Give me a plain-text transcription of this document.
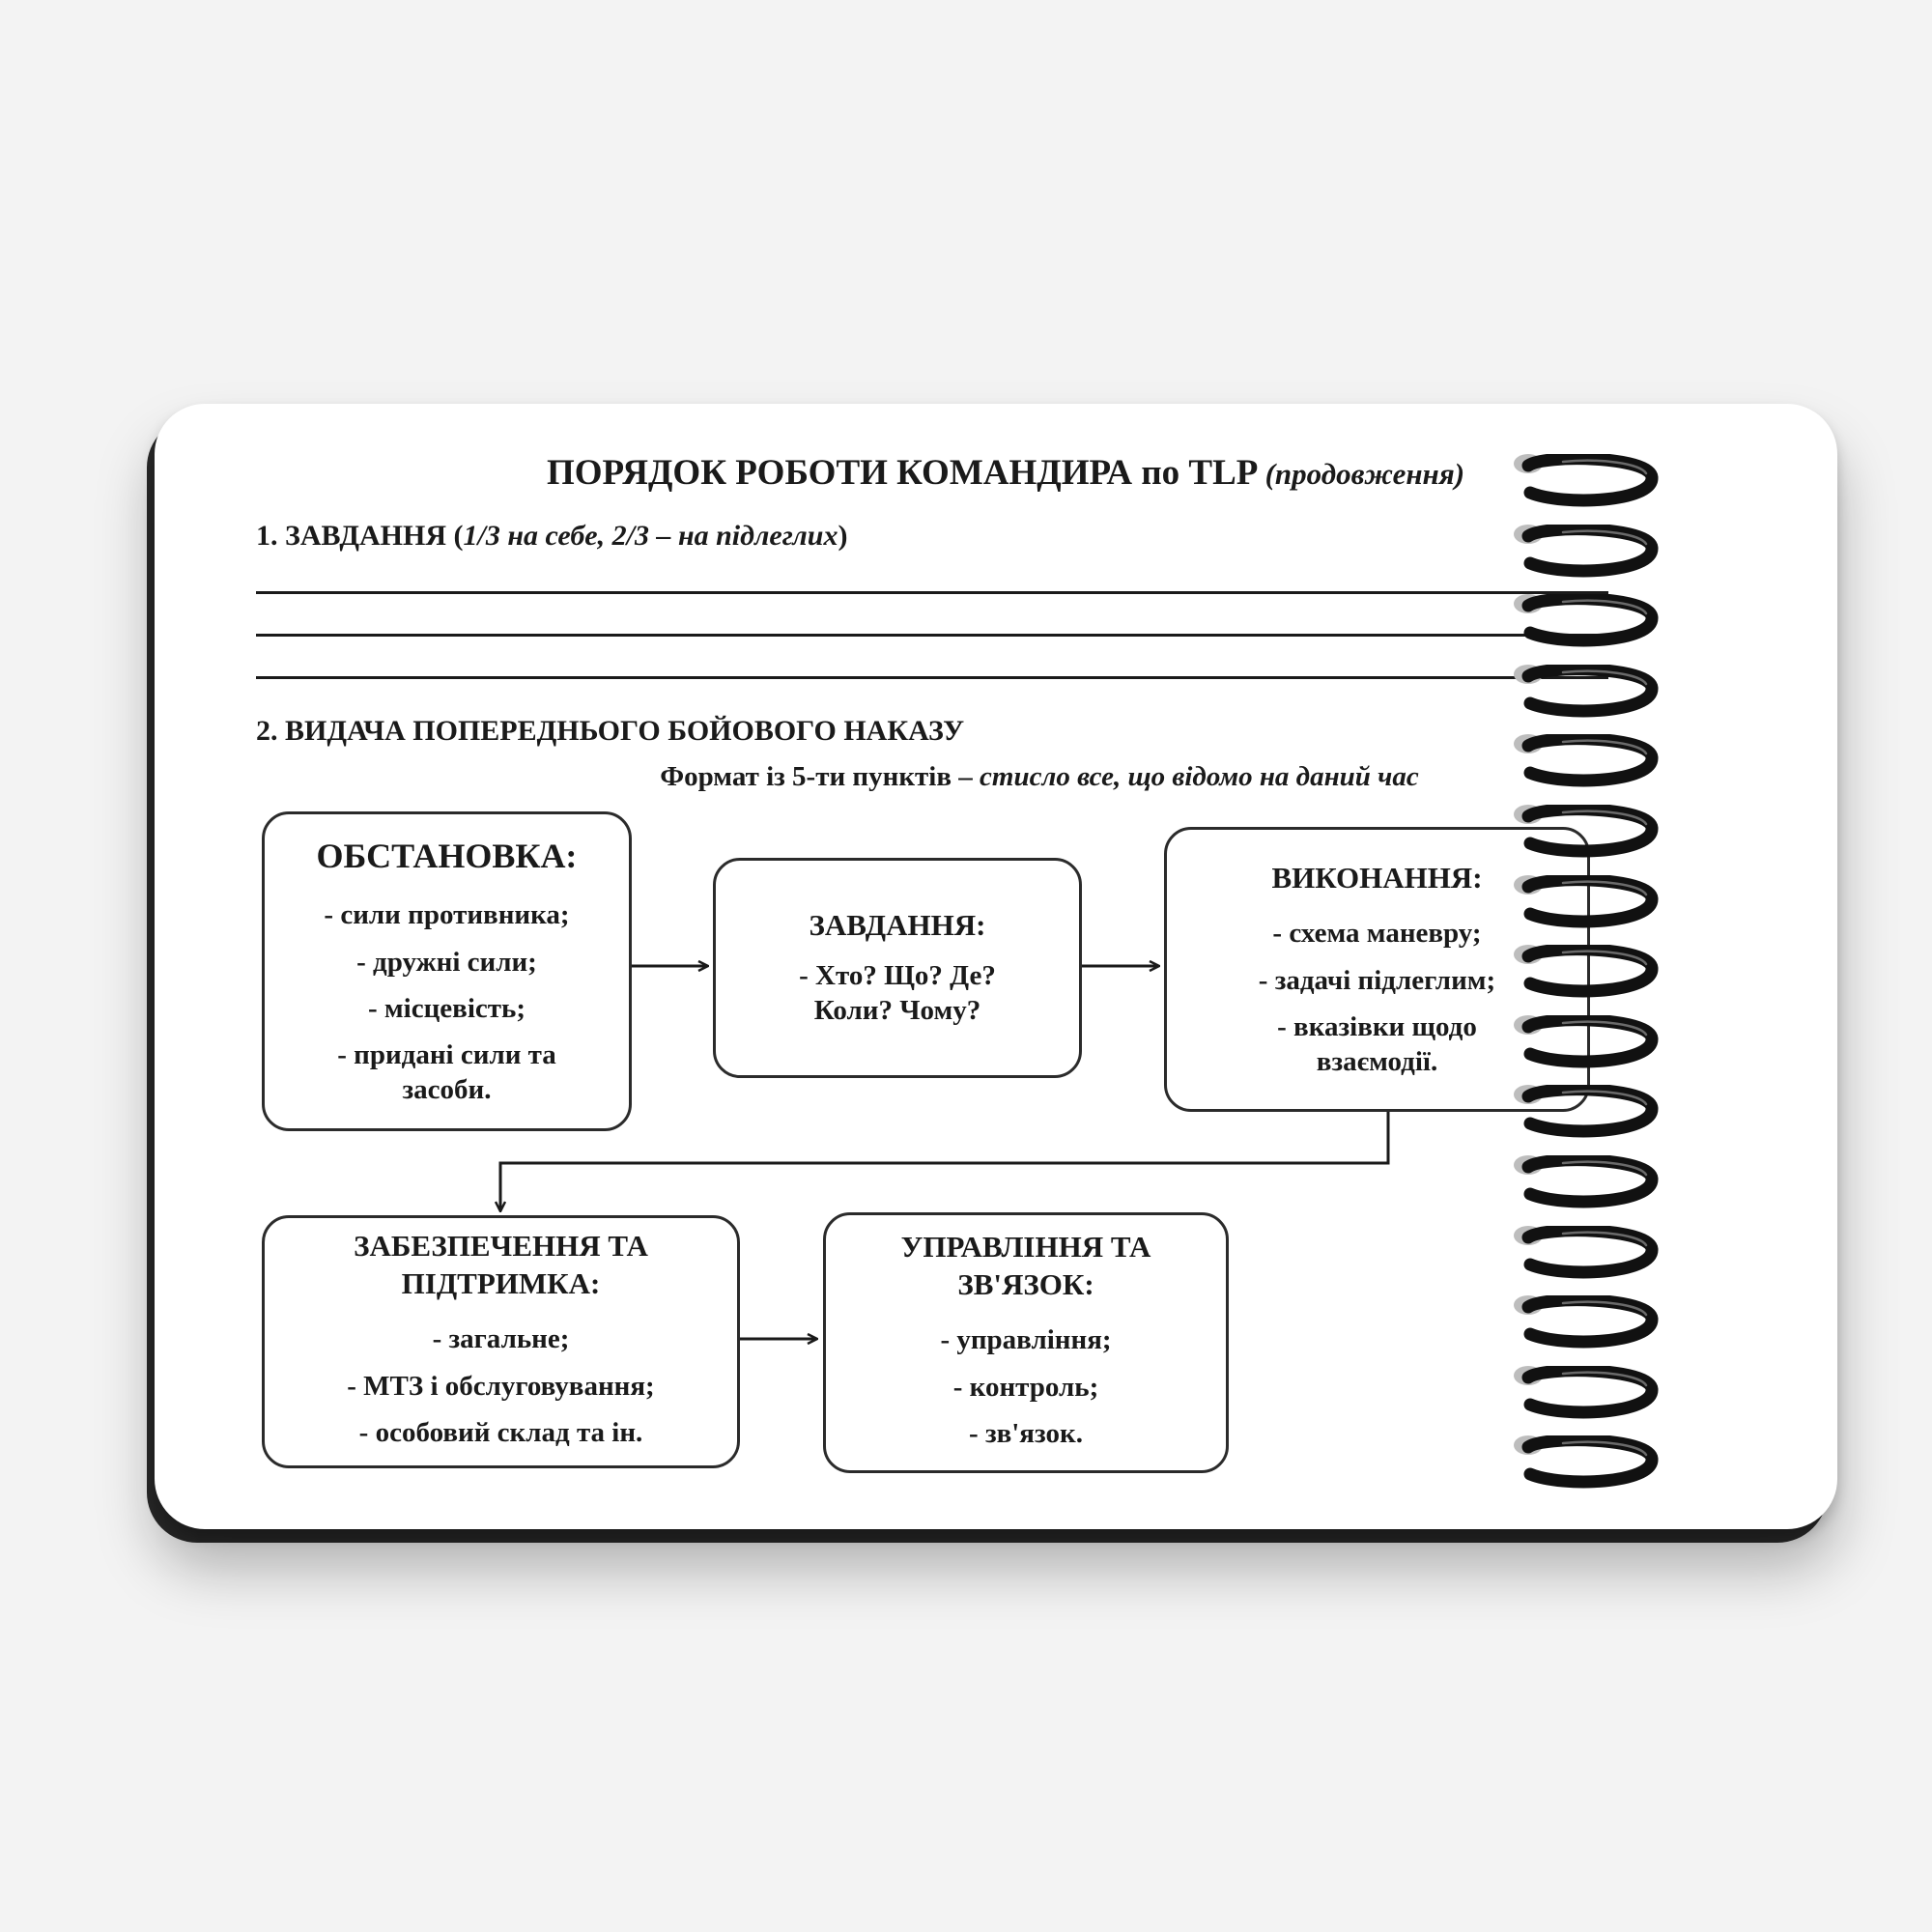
ПОРЯДОК РОБОТИ КОМАНДИРА по TLP (продовження)
1. ЗАВДАННЯ (1/3 на себе, 2/3 – на підлеглих)
2. ВИДАЧА ПОПЕРЕДНЬОГО БОЙОВОГО НАКАЗУ
Формат із 5-ти пунктів – стисло все, що відомо на даний час
ОБСТАНОВКА:
- сили противника;
- дружні сили;
- місцевість;
- придані сили та
засоби.
ЗАВДАННЯ:
- Хто? Що? Де?
Коли? Чому?
ВИКОНАННЯ:
- схема маневру;
- задачі підлеглим;
- вказівки щодо
взаємодії.
ЗАБЕЗПЕЧЕННЯ ТА
ПІДТРИМКА:
- загальне;
- МТЗ і обслуговування;
- особовий склад та ін.
УПРАВЛІННЯ ТА
ЗВ'ЯЗОК:
- управління;
- контроль;
- зв'язок.
